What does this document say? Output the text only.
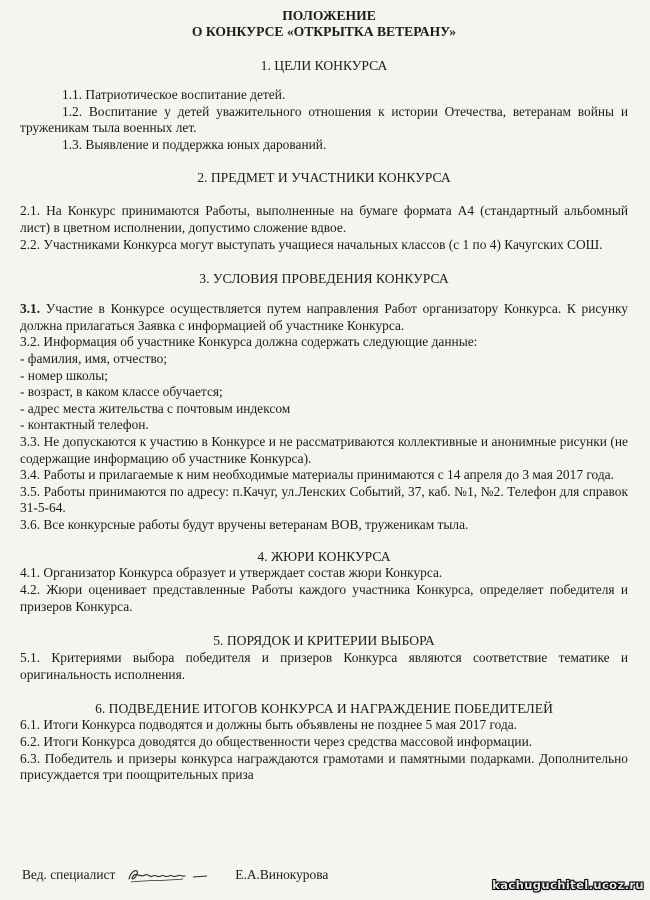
ПОЛОЖЕНИЕ

О КОНКУРСЕ «ОТКРЫТКА ВЕТЕРАНУ»

1. ЦЕЛИ КОНКУРСА

1.1. Патриотическое воспитание детей.

1.2. Воспитание у детей уважительного отношения к истории Отечества, ветеранам войны и труженикам тыла военных лет.

1.3. Выявление и поддержка юных дарований.

2. ПРЕДМЕТ И УЧАСТНИКИ КОНКУРСА

2.1. На Конкурс принимаются Работы, выполненные на бумаге формата А4 (стандартный альбомный лист) в цветном исполнении, допустимо сложение вдвое.

2.2. Участниками Конкурса могут выступать учащиеся начальных классов (с 1 по 4) Качугских СОШ.

3. УСЛОВИЯ ПРОВЕДЕНИЯ КОНКУРСА

3.1. Участие в Конкурсе осуществляется путем направления Работ организатору Конкурса. К рисунку должна прилагаться Заявка с информацией об участнике Конкурса.

3.2. Информация об участнике Конкурса должна содержать следующие данные:

- фамилия, имя, отчество;

- номер школы;

- возраст, в каком классе обучается;

- адрес места жительства с почтовым индексом

- контактный телефон.

3.3. Не допускаются к участию в Конкурсе и не рассматриваются коллективные и анонимные рисунки (не содержащие информацию об участнике Конкурса).

3.4. Работы и прилагаемые к ним необходимые материалы принимаются с 14 апреля до 3 мая 2017 года.

3.5. Работы принимаются по адресу: п.Качуг, ул.Ленских Событий, 37, каб. №1, №2. Телефон для справок 31-5-64.

3.6. Все конкурсные работы будут вручены ветеранам ВОВ, труженикам тыла.

4. ЖЮРИ КОНКУРСА

4.1. Организатор Конкурса образует и утверждает состав жюри Конкурса.

4.2. Жюри оценивает представленные Работы каждого участника Конкурса, определяет победителя и призеров Конкурса.

5. ПОРЯДОК И КРИТЕРИИ ВЫБОРА

5.1. Критериями выбора победителя и призеров Конкурса являются соответствие тематике и оригинальность исполнения.

6. ПОДВЕДЕНИЕ ИТОГОВ КОНКУРСА И НАГРАЖДЕНИЕ ПОБЕДИТЕЛЕЙ

6.1. Итоги Конкурса подводятся и должны быть объявлены не позднее 5 мая 2017 года.

6.2. Итоги Конкурса доводятся до общественности через средства массовой информации.

6.3. Победитель и призеры конкурса награждаются грамотами и памятными подарками. Дополнительно присуждается три поощрительных приза

Вед. специалист	Е.А.Винокурова
kachuguchitel.ucoz.ru
